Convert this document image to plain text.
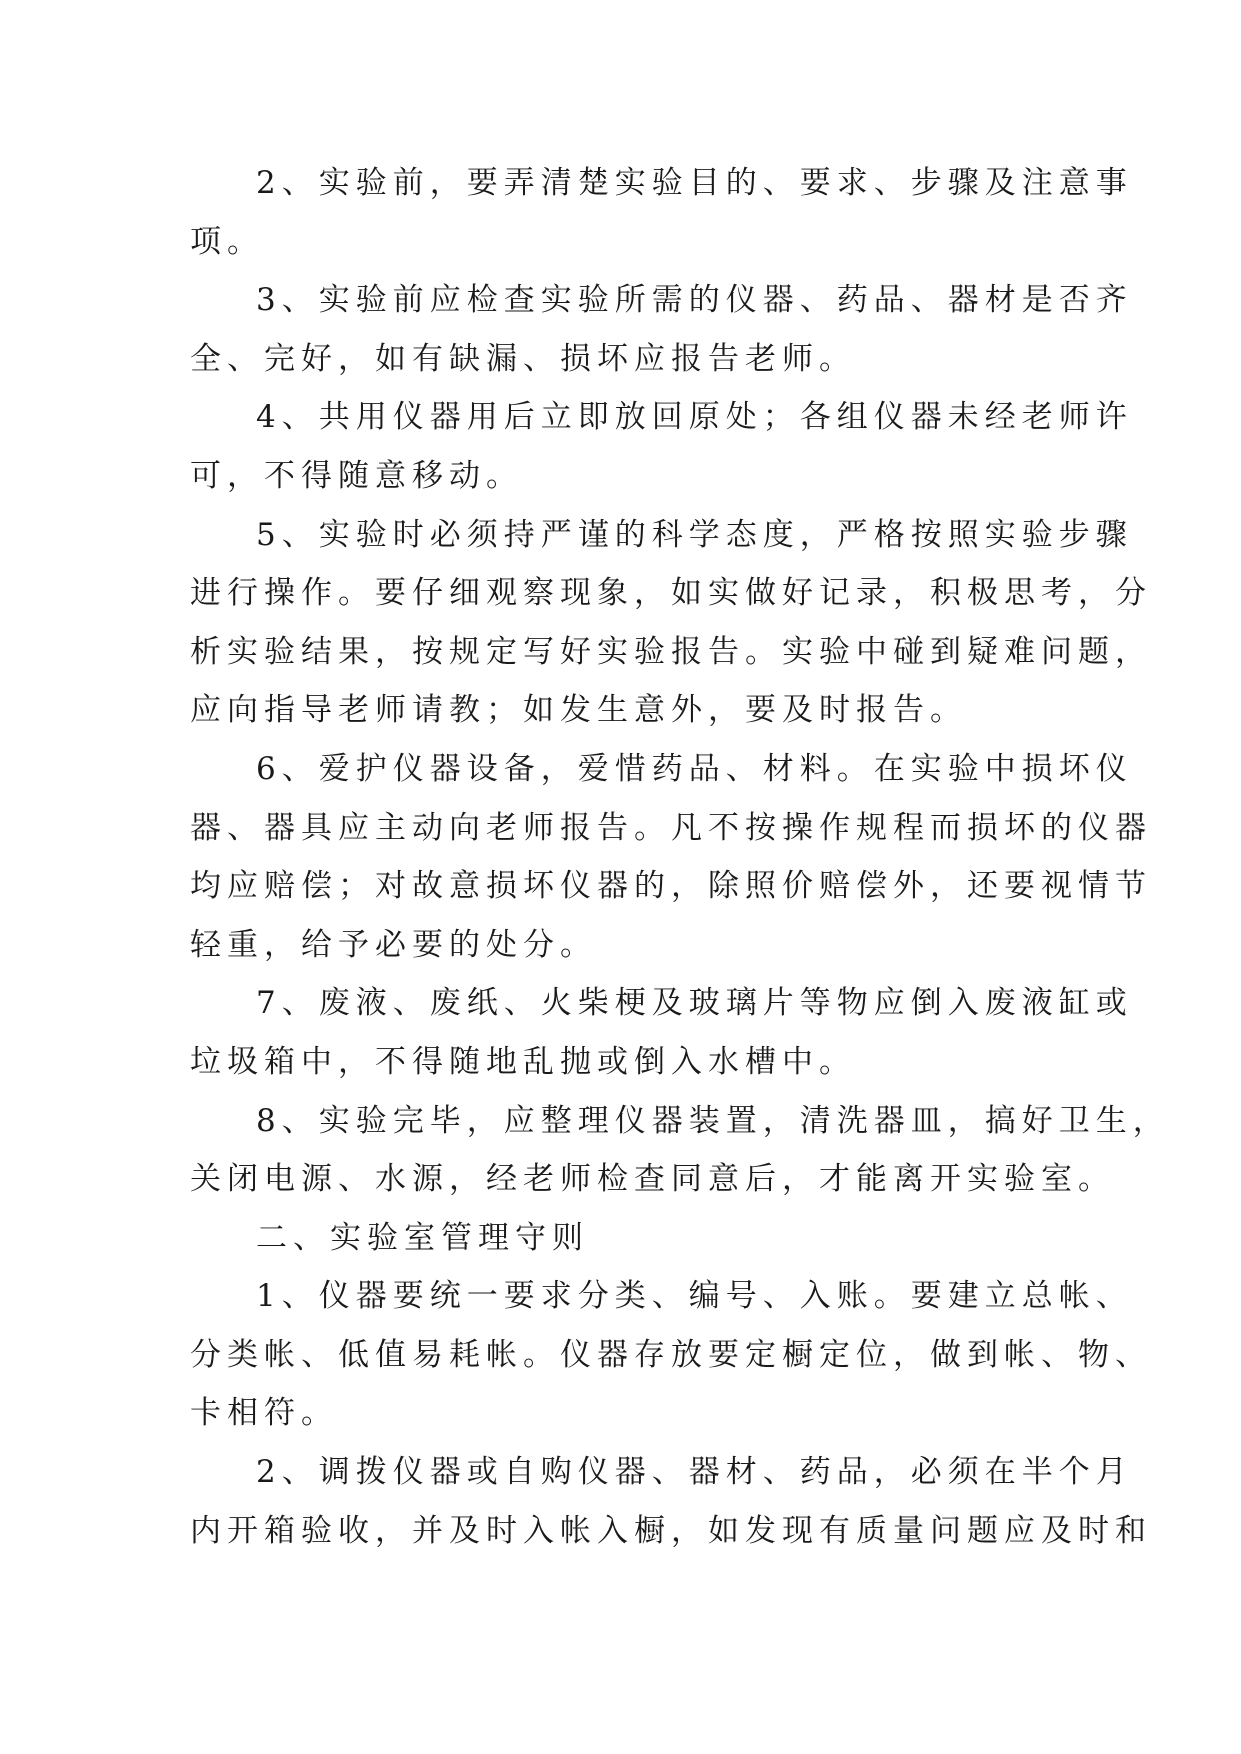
2、实验前，要弄清楚实验目的、要求、步骤及注意事
项。
3、实验前应检查实验所需的仪器、药品、器材是否齐
全、完好，如有缺漏、损坏应报告老师。
4、共用仪器用后立即放回原处；各组仪器未经老师许
可，不得随意移动。
5、实验时必须持严谨的科学态度，严格按照实验步骤
进行操作。要仔细观察现象，如实做好记录，积极思考，分
析实验结果，按规定写好实验报告。实验中碰到疑难问题，
应向指导老师请教；如发生意外，要及时报告。
6、爱护仪器设备，爱惜药品、材料。在实验中损坏仪
器、器具应主动向老师报告。凡不按操作规程而损坏的仪器
均应赔偿；对故意损坏仪器的，除照价赔偿外，还要视情节
轻重，给予必要的处分。
7、废液、废纸、火柴梗及玻璃片等物应倒入废液缸或
垃圾箱中，不得随地乱抛或倒入水槽中。
8、实验完毕，应整理仪器装置，清洗器皿，搞好卫生，
关闭电源、水源，经老师检查同意后，才能离开实验室。
二、实验室管理守则
1、仪器要统一要求分类、编号、入账。要建立总帐、
分类帐、低值易耗帐。仪器存放要定橱定位，做到帐、物、
卡相符。
2、调拨仪器或自购仪器、器材、药品，必须在半个月
内开箱验收，并及时入帐入橱，如发现有质量问题应及时和
